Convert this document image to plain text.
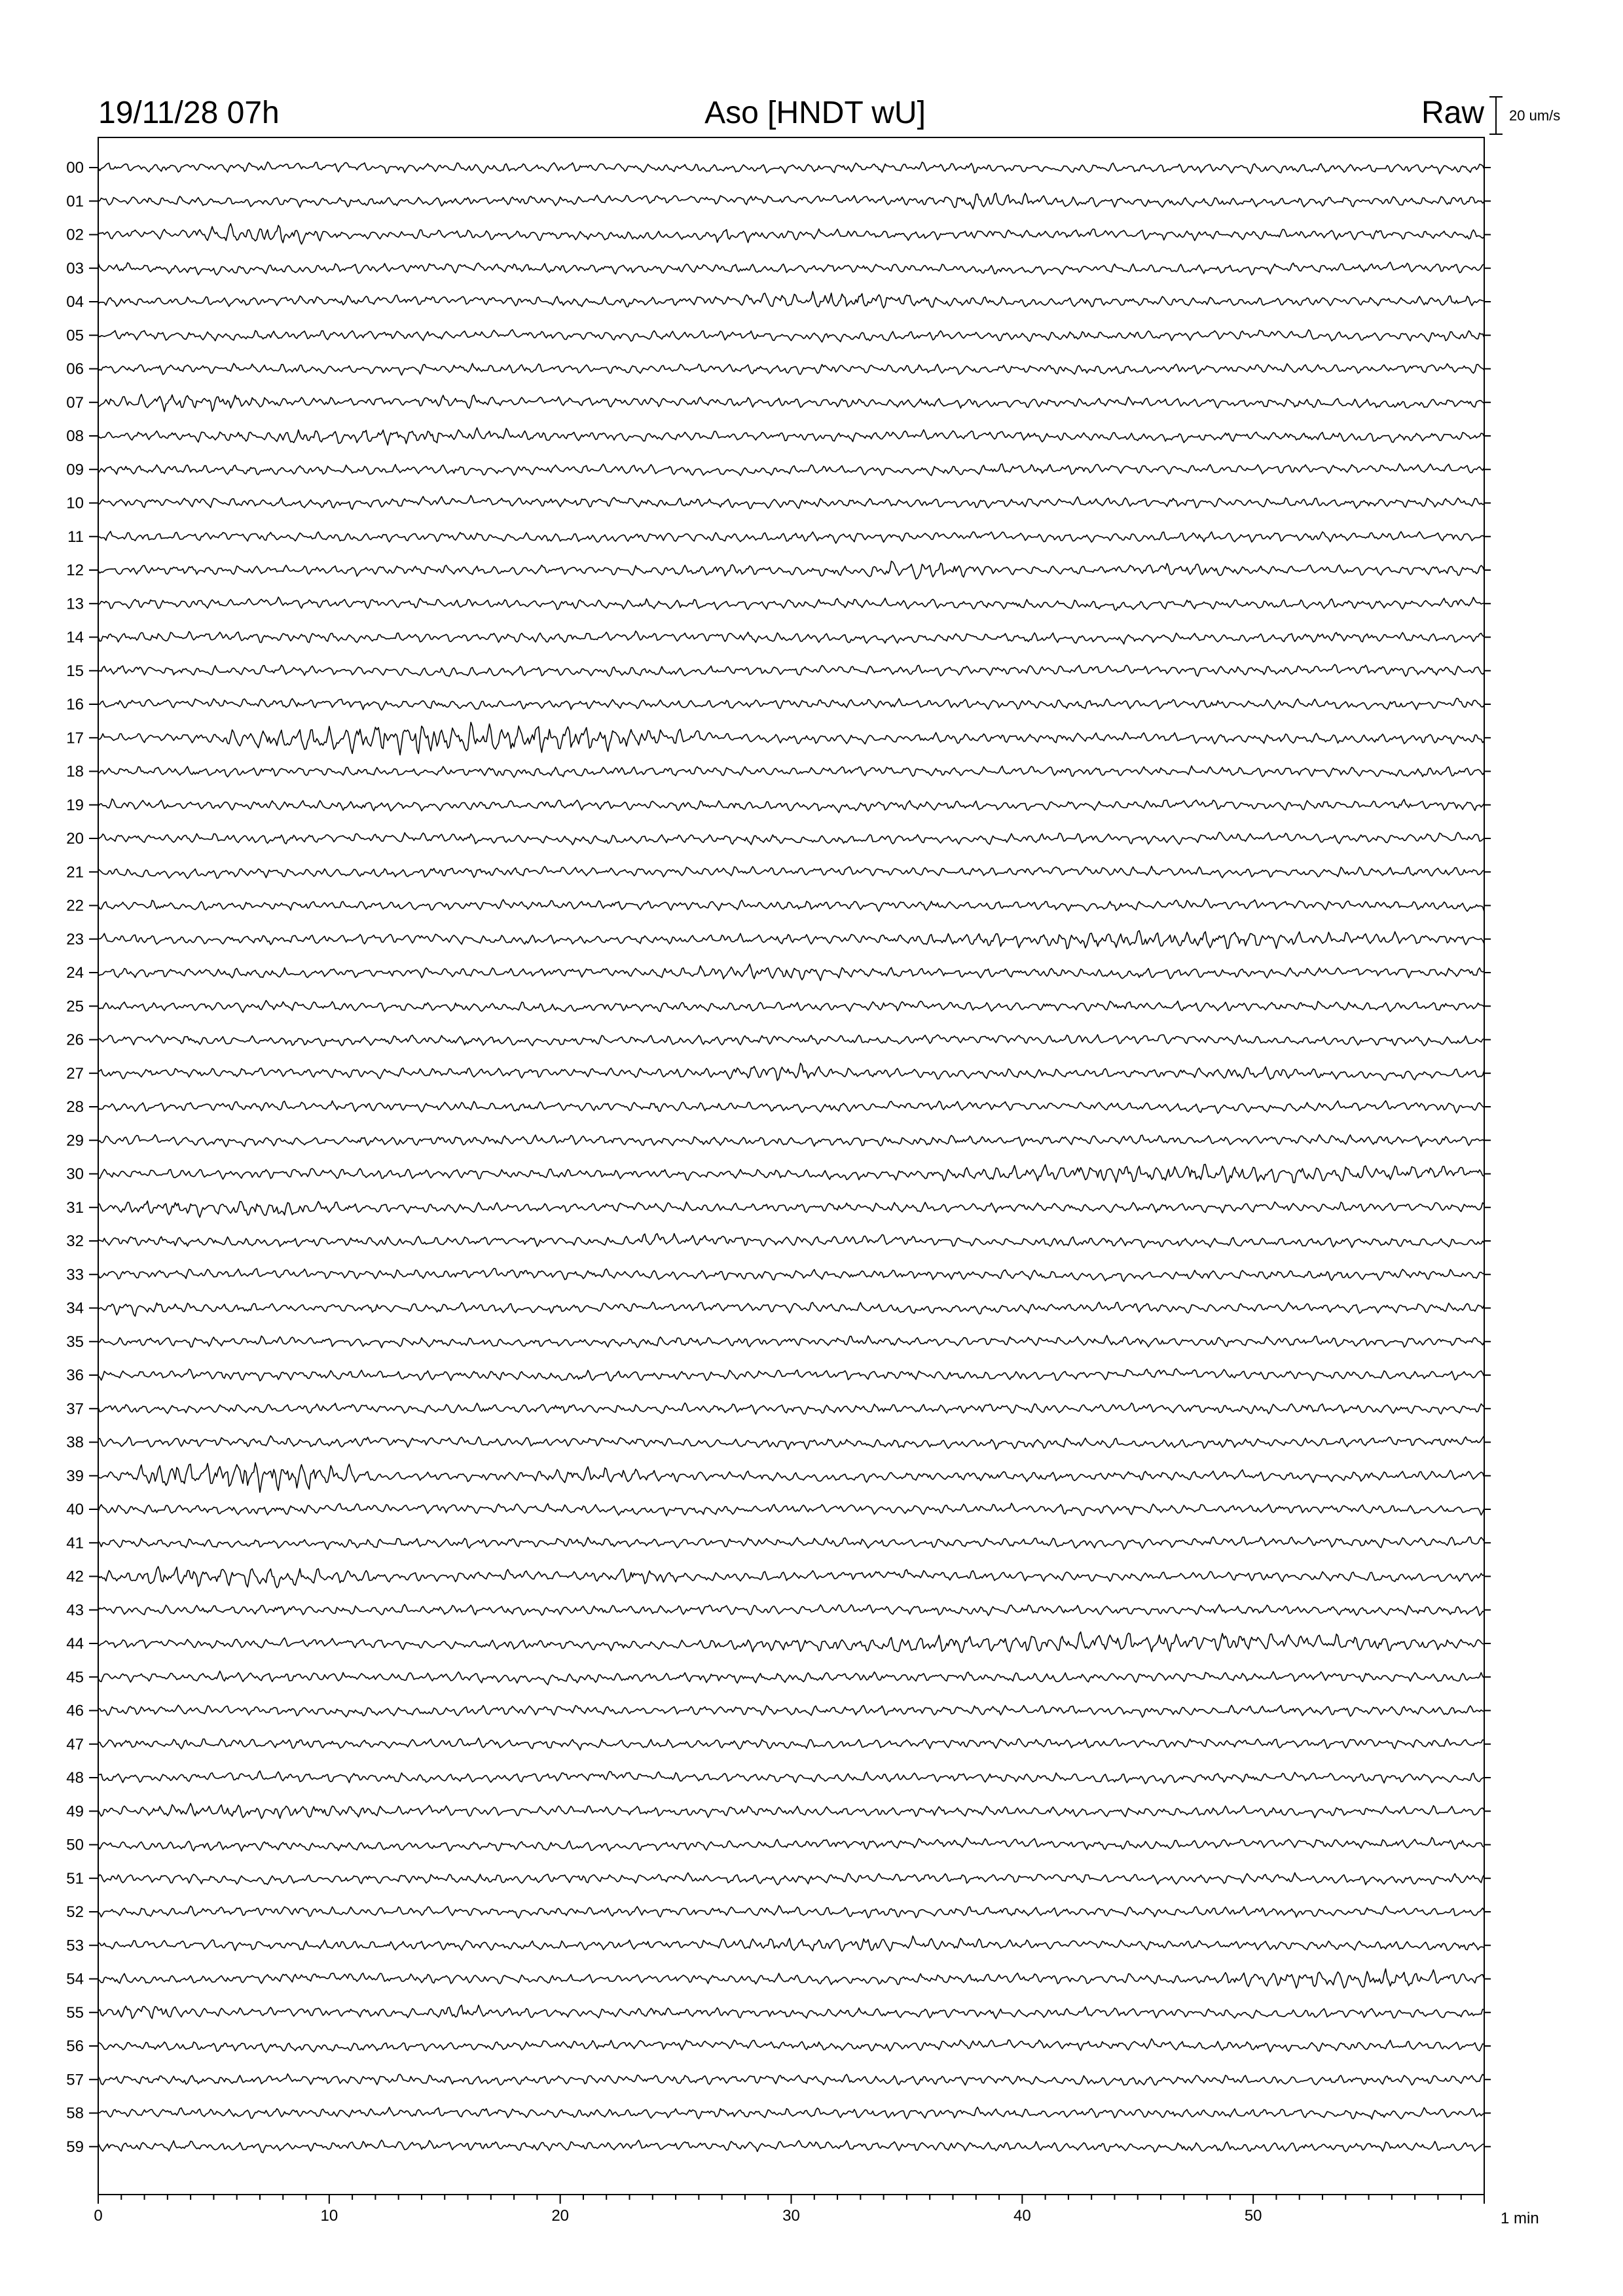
19/11/28 07h	Aso [HNDT wU]	Raw 20 um/s
00
01
02
03
04
05
06
07
08
09
10
11
12
13
14
15
16
17
18
19
20
21
22
23
24
25
26
27
28
29
30
31
32
33
34
35
36
37
38
39
40
41
42
43
44
45
46
47
48
49
50
51
52
53
54
55
56
57
58
59
0	10	20	30	40	50	1 min
